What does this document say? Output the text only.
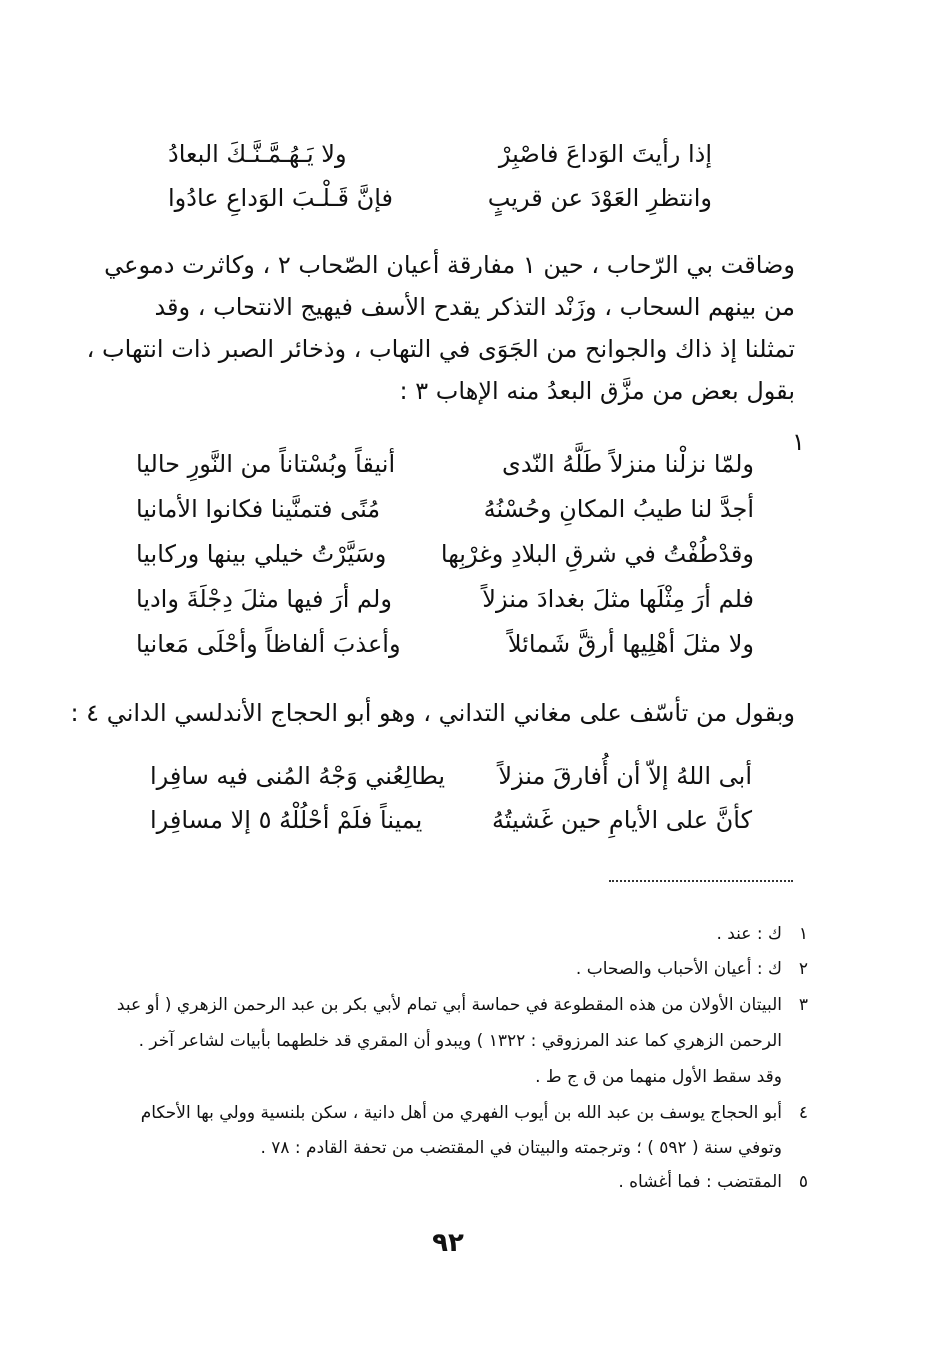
إذا رأيتَ الوَداعَ فاصْبِرْ
ولا يَـهُـمَّـنَّـكَ البعادُ
وانتظرِ العَوْدَ عن قريبٍ
فإنَّ قَـلْـبَ الوَداعِ عادُوا
وضاقت بي الرّحاب ، حين ١ مفارقة أعيان الصّحاب ٢ ، وكاثرت دموعي
من بينهم السحاب ، وزَنْد التذكر يقدح الأسف فيهيج الانتحاب ، وقد
تمثلنا إذ ذاك والجوانح من الجَوَى في التهاب ، وذخائر الصبر ذات انتهاب ،
بقول بعض من مزَّق البعدُ منه الإهاب ٣ :
١
ولمّا نزلْنا منزلاً طَلَّهُ النّدى
أنيقاً وبُسْتاناً من النَّورِ حاليا
أجدَّ لنا طيبُ المكانِ وحُسْنُهُ
مُنًى فتمنَّينا فكانوا الأمانيا
وقدْطُفْتُ في شرقِ البلادِ وغرْبِها
وسَيَّرْتُ خيلي بينها وركابيا
فلم أرَ مِثْلَها مثلَ بغدادَ منزلاً
ولم أرَ فيها مثلَ دِجْلَةَ واديا
ولا مثلَ أهْلِيها أرقَّ شَمائلاً
وأعذبَ ألفاظاً وأحْلَى مَعانيا
وبقول من تأسّف على مغاني التداني ، وهو أبو الحجاج الأندلسي الداني ٤ :
أبى اللهُ إلاّ أن أُفارقَ منزلاً
يطالِعُني وَجْهُ المُنى فيه سافِرا
كأنَّ على الأيامِ حين غَشيتُهُ
يميناً فلَمْ أحْلُلْهُ ٥ إلا مسافِرا
١
ك : عند .
٢
ك : أعيان الأحباب والصحاب .
٣
البيتان الأولان من هذه المقطوعة في حماسة أبي تمام لأبي بكر بن عبد الرحمن الزهري ( أو عبد
الرحمن الزهري كما عند المرزوقي : ١٣٢٢ ) ويبدو أن المقري قد خلطهما بأبيات لشاعر آخر .
وقد سقط الأول منهما من ق ج ط .
٤
أبو الحجاج يوسف بن عبد الله بن أيوب الفهري من أهل دانية ، سكن بلنسية وولي بها الأحكام
وتوفي سنة ( ٥٩٢ ) ؛ وترجمته والبيتان في المقتضب من تحفة القادم : ٧٨ .
٥
المقتضب : فما أغشاه .
٩٢
